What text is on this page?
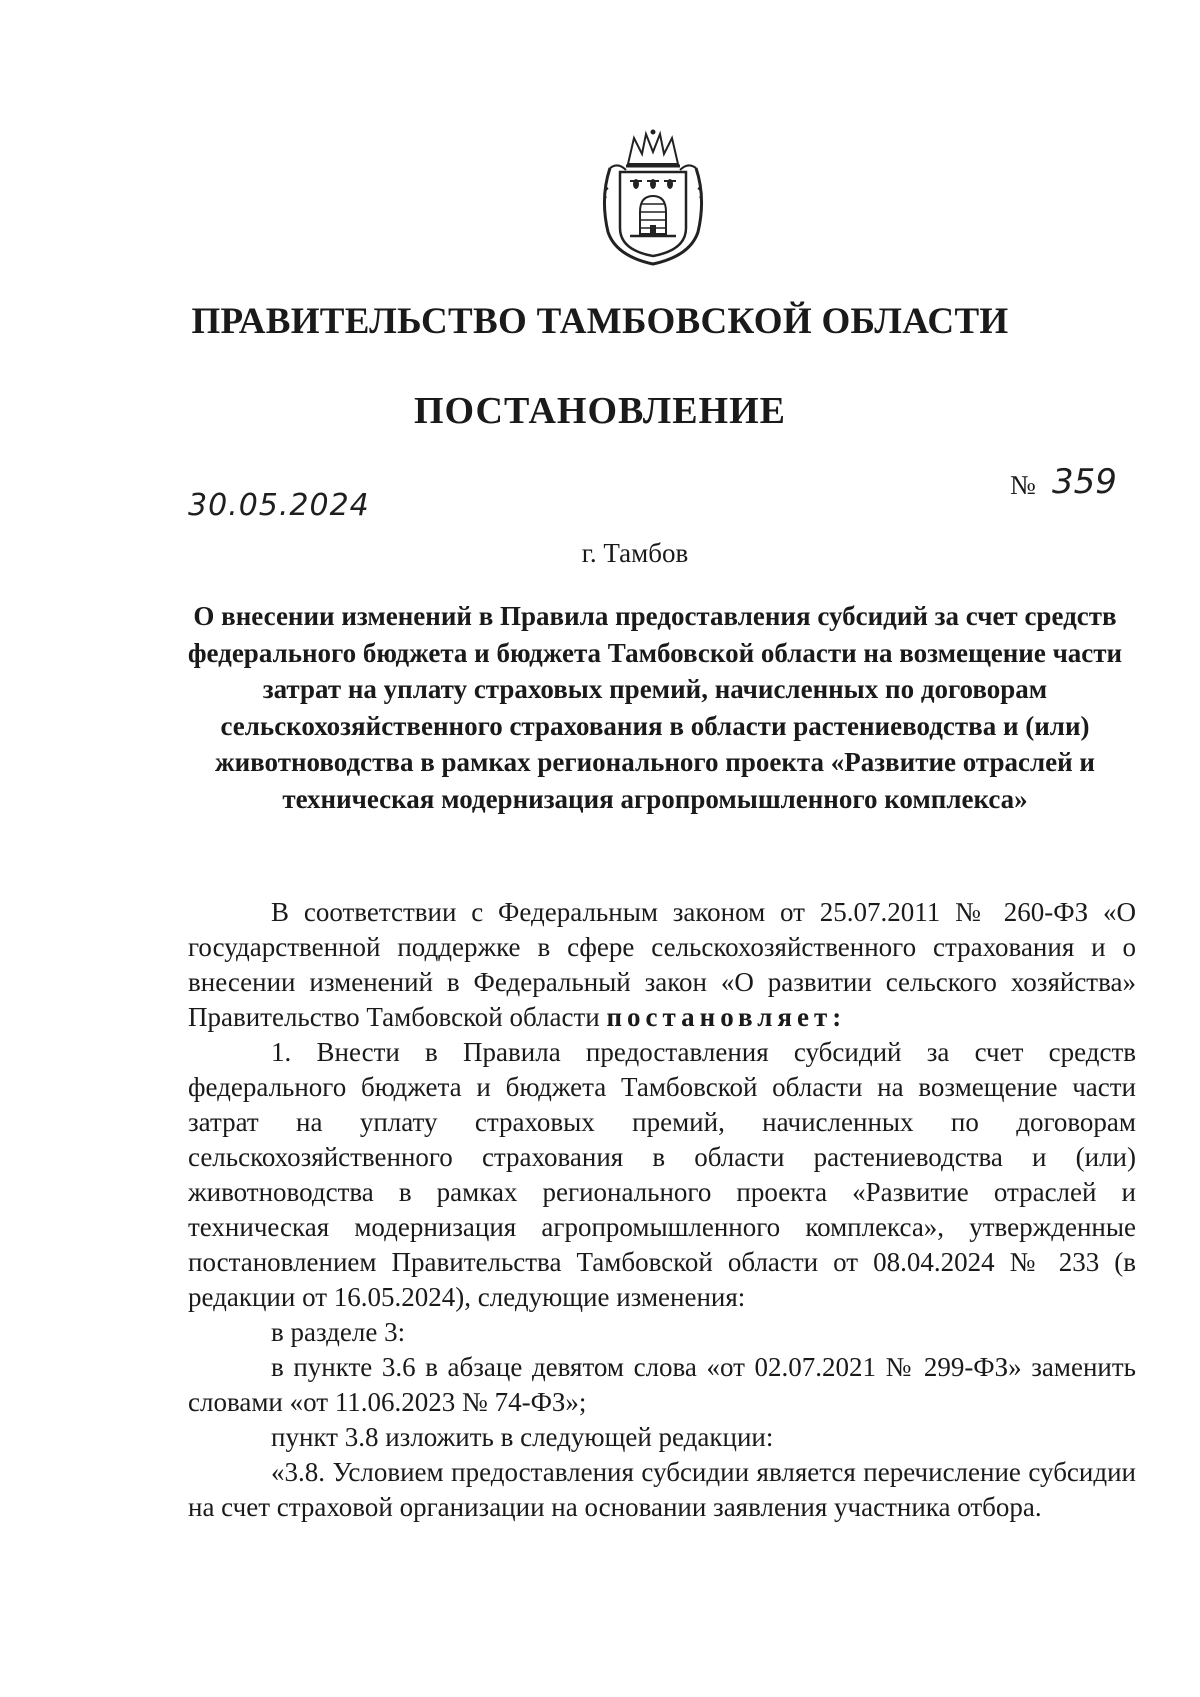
ПРАВИТЕЛЬСТВО ТАМБОВСКОЙ ОБЛАСТИ
ПОСТАНОВЛЕНИЕ
30.05.2024
№ 359
г. Тамбов
О внесении изменений в Правила предоставления субсидий за счет средств федерального бюджета и бюджета Тамбовской области на возмещение части затрат на уплату страховых премий, начисленных по договорам сельскохозяйственного страхования в области растениеводства и (или) животноводства в рамках регионального проекта «Развитие отраслей и техническая модернизация агропромышленного комплекса»

В соответствии с Федеральным законом от 25.07.2011 № 260-ФЗ «О государственной поддержке в сфере сельскохозяйственного страхования и о внесении изменений в Федеральный закон «О развитии сельского хозяйства» Правительство Тамбовской области постановляет:

1. Внести в Правила предоставления субсидий за счет средств федерального бюджета и бюджета Тамбовской области на возмещение части затрат на уплату страховых премий, начисленных по договорам сельскохозяйственного страхования в области растениеводства и (или) животноводства в рамках регионального проекта «Развитие отраслей и техническая модернизация агропромышленного комплекса», утвержденные постановлением Правительства Тамбовской области от 08.04.2024 № 233 (в редакции от 16.05.2024), следующие изменения:

в разделе 3:

в пункте 3.6 в абзаце девятом слова «от 02.07.2021 № 299-ФЗ» заменить словами «от 11.06.2023 № 74-ФЗ»;

пункт 3.8 изложить в следующей редакции:

«3.8. Условием предоставления субсидии является перечисление субсидии на счет страховой организации на основании заявления участника отбора.
